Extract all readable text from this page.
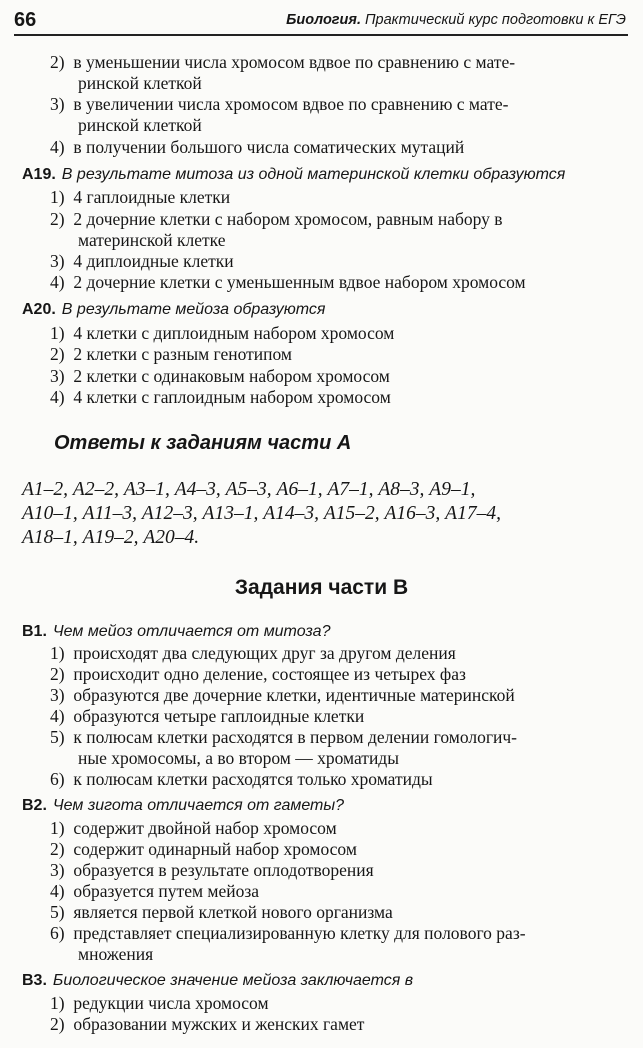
66	Биология. Практический курс подготовки к ЕГЭ
2) в уменьшении числа хромосом вдвое по сравнению с мате-
ринской клеткой
3) в увеличении числа хромосом вдвое по сравнению с мате-
ринской клеткой
4) в получении большого числа соматических мутаций
А19. В результате митоза из одной материнской клетки образуются
1) 4 гаплоидные клетки
2) 2 дочерние клетки с набором хромосом, равным набору в
материнской клетке
3) 4 диплоидные клетки
4) 2 дочерние клетки с уменьшенным вдвое набором хромосом
А20. В результате мейоза образуются
1) 4 клетки с диплоидным набором хромосом
2) 2 клетки с разным генотипом
3) 2 клетки с одинаковым набором хромосом
4) 4 клетки с гаплоидным набором хромосом
Ответы к заданиям части А
А1–2, А2–2, А3–1, А4–3, А5–3, А6–1, А7–1, А8–3, А9–1,
А10–1, А11–3, А12–3, А13–1, А14–3, А15–2, А16–3, А17–4,
А18–1, А19–2, А20–4.
Задания части В
В1. Чем мейоз отличается от митоза?
1) происходят два следующих друг за другом деления
2) происходит одно деление, состоящее из четырех фаз
3) образуются две дочерние клетки, идентичные материнской
4) образуются четыре гаплоидные клетки
5) к полюсам клетки расходятся в первом делении гомологич-
ные хромосомы, а во втором — хроматиды
6) к полюсам клетки расходятся только хроматиды
В2. Чем зигота отличается от гаметы?
1) содержит двойной набор хромосом
2) содержит одинарный набор хромосом
3) образуется в результате оплодотворения
4) образуется путем мейоза
5) является первой клеткой нового организма
6) представляет специализированную клетку для полового раз-
множения
В3. Биологическое значение мейоза заключается в
1) редукции числа хромосом
2) образовании мужских и женских гамет
